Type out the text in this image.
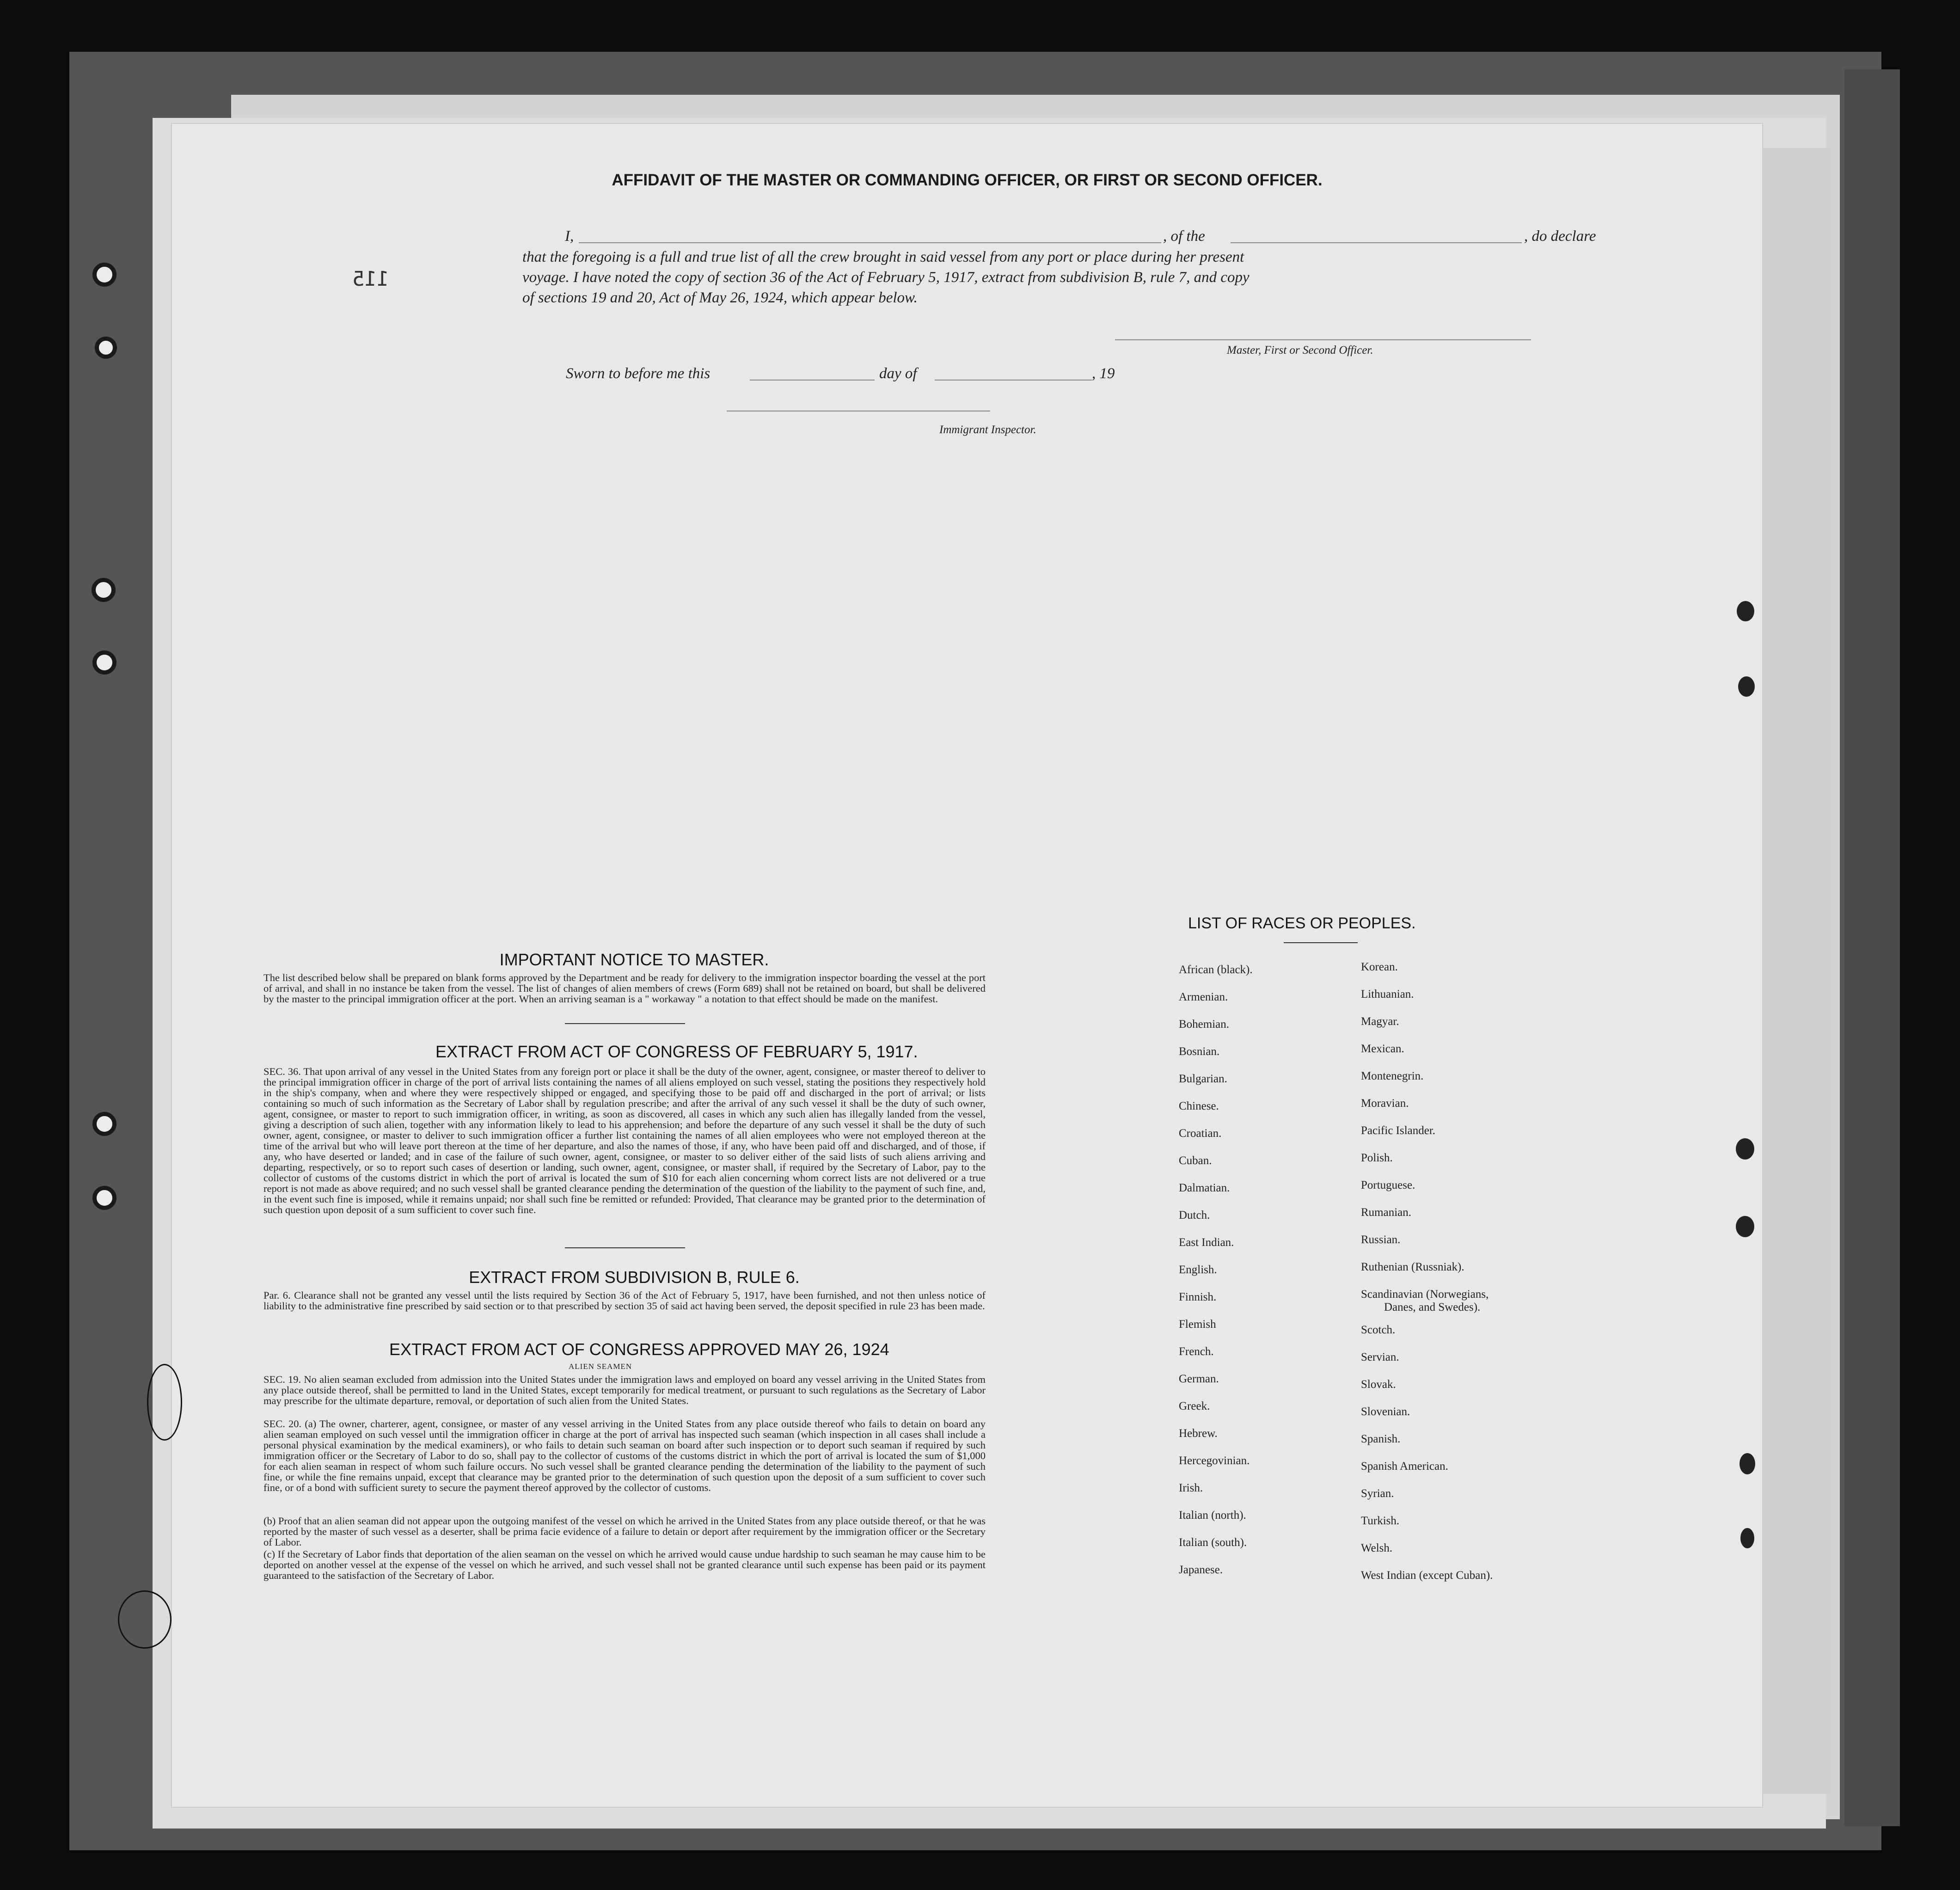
AFFIDAVIT OF THE MASTER OR COMMANDING OFFICER, OR FIRST OR SECOND OFFICER.
115
I,	, of the	, do declare
that the foregoing is a full and true list of all the crew brought in said vessel from any port or place during her present
voyage. I have noted the copy of section 36 of the Act of February 5, 1917, extract from subdivision B, rule 7, and copy
of sections 19 and 20, Act of May 26, 1924, which appear below.
Master, First or Second Officer.
Sworn to before me this	day of	, 19
Immigrant Inspector.
IMPORTANT NOTICE TO MASTER.
The list described below shall be prepared on blank forms approved by the Department and be ready for delivery to the immigration inspector boarding the vessel at the port of arrival, and shall in no instance be taken from the vessel. The list of changes of alien members of crews (Form 689) shall not be retained on board, but shall be delivered by the master to the principal immigration officer at the port. When an arriving seaman is a " workaway " a notation to that effect should be made on the manifest.
EXTRACT FROM ACT OF CONGRESS OF FEBRUARY 5, 1917.
SEC. 36. That upon arrival of any vessel in the United States from any foreign port or place it shall be the duty of the owner, agent, consignee, or master thereof to deliver to the principal immigration officer in charge of the port of arrival lists containing the names of all aliens employed on such vessel, stating the positions they respectively hold in the ship's company, when and where they were respectively shipped or engaged, and specifying those to be paid off and discharged in the port of arrival; or lists containing so much of such information as the Secretary of Labor shall by regulation prescribe; and after the arrival of any such vessel it shall be the duty of such owner, agent, consignee, or master to report to such immigration officer, in writing, as soon as discovered, all cases in which any such alien has illegally landed from the vessel, giving a description of such alien, together with any information likely to lead to his apprehension; and before the departure of any such vessel it shall be the duty of such owner, agent, consignee, or master to deliver to such immigration officer a further list containing the names of all alien employees who were not employed thereon at the time of the arrival but who will leave port thereon at the time of her departure, and also the names of those, if any, who have been paid off and discharged, and of those, if any, who have deserted or landed; and in case of the failure of such owner, agent, consignee, or master to so deliver either of the said lists of such aliens arriving and departing, respectively, or so to report such cases of desertion or landing, such owner, agent, consignee, or master shall, if required by the Secretary of Labor, pay to the collector of customs of the customs district in which the port of arrival is located the sum of $10 for each alien concerning whom correct lists are not delivered or a true report is not made as above required; and no such vessel shall be granted clearance pending the determination of the question of the liability to the payment of such fine, and, in the event such fine is imposed, while it remains unpaid; nor shall such fine be remitted or refunded: Provided, That clearance may be granted prior to the determination of such question upon deposit of a sum sufficient to cover such fine.
EXTRACT FROM SUBDIVISION B, RULE 6.
Par. 6. Clearance shall not be granted any vessel until the lists required by Section 36 of the Act of February 5, 1917, have been furnished, and not then unless notice of liability to the administrative fine prescribed by said section or to that prescribed by section 35 of said act having been served, the deposit specified in rule 23 has been made.
EXTRACT FROM ACT OF CONGRESS APPROVED MAY 26, 1924
ALIEN SEAMEN
SEC. 19. No alien seaman excluded from admission into the United States under the immigration laws and employed on board any vessel arriving in the United States from any place outside thereof, shall be permitted to land in the United States, except temporarily for medical treatment, or pursuant to such regulations as the Secretary of Labor may prescribe for the ultimate departure, removal, or deportation of such alien from the United States.
SEC. 20. (a) The owner, charterer, agent, consignee, or master of any vessel arriving in the United States from any place outside thereof who fails to detain on board any alien seaman employed on such vessel until the immigration officer in charge at the port of arrival has inspected such seaman (which inspection in all cases shall include a personal physical examination by the medical examiners), or who fails to detain such seaman on board after such inspection or to deport such seaman if required by such immigration officer or the Secretary of Labor to do so, shall pay to the collector of customs of the customs district in which the port of arrival is located the sum of $1,000 for each alien seaman in respect of whom such failure occurs. No such vessel shall be granted clearance pending the determination of the liability to the payment of such fine, or while the fine remains unpaid, except that clearance may be granted prior to the determination of such question upon the deposit of a sum sufficient to cover such fine, or of a bond with sufficient surety to secure the payment thereof approved by the collector of customs.
(b) Proof that an alien seaman did not appear upon the outgoing manifest of the vessel on which he arrived in the United States from any place outside thereof, or that he was reported by the master of such vessel as a deserter, shall be prima facie evidence of a failure to detain or deport after requirement by the immigration officer or the Secretary of Labor.
(c) If the Secretary of Labor finds that deportation of the alien seaman on the vessel on which he arrived would cause undue hardship to such seaman he may cause him to be deported on another vessel at the expense of the vessel on which he arrived, and such vessel shall not be granted clearance until such expense has been paid or its payment guaranteed to the satisfaction of the Secretary of Labor.
LIST OF RACES OR PEOPLES.
African (black).
Armenian.
Bohemian.
Bosnian.
Bulgarian.
Chinese.
Croatian.
Cuban.
Dalmatian.
Dutch.
East Indian.
English.
Finnish.
Flemish
French.
German.
Greek.
Hebrew.
Hercegovinian.
Irish.
Italian (north).
Italian (south).
Japanese.
Korean.
Lithuanian.
Magyar.
Mexican.
Montenegrin.
Moravian.
Pacific Islander.
Polish.
Portuguese.
Rumanian.
Russian.
Ruthenian (Russniak).
Scandinavian (Norwegians,
Danes, and Swedes).
Scotch.
Servian.
Slovak.
Slovenian.
Spanish.
Spanish American.
Syrian.
Turkish.
Welsh.
West Indian (except Cuban).
